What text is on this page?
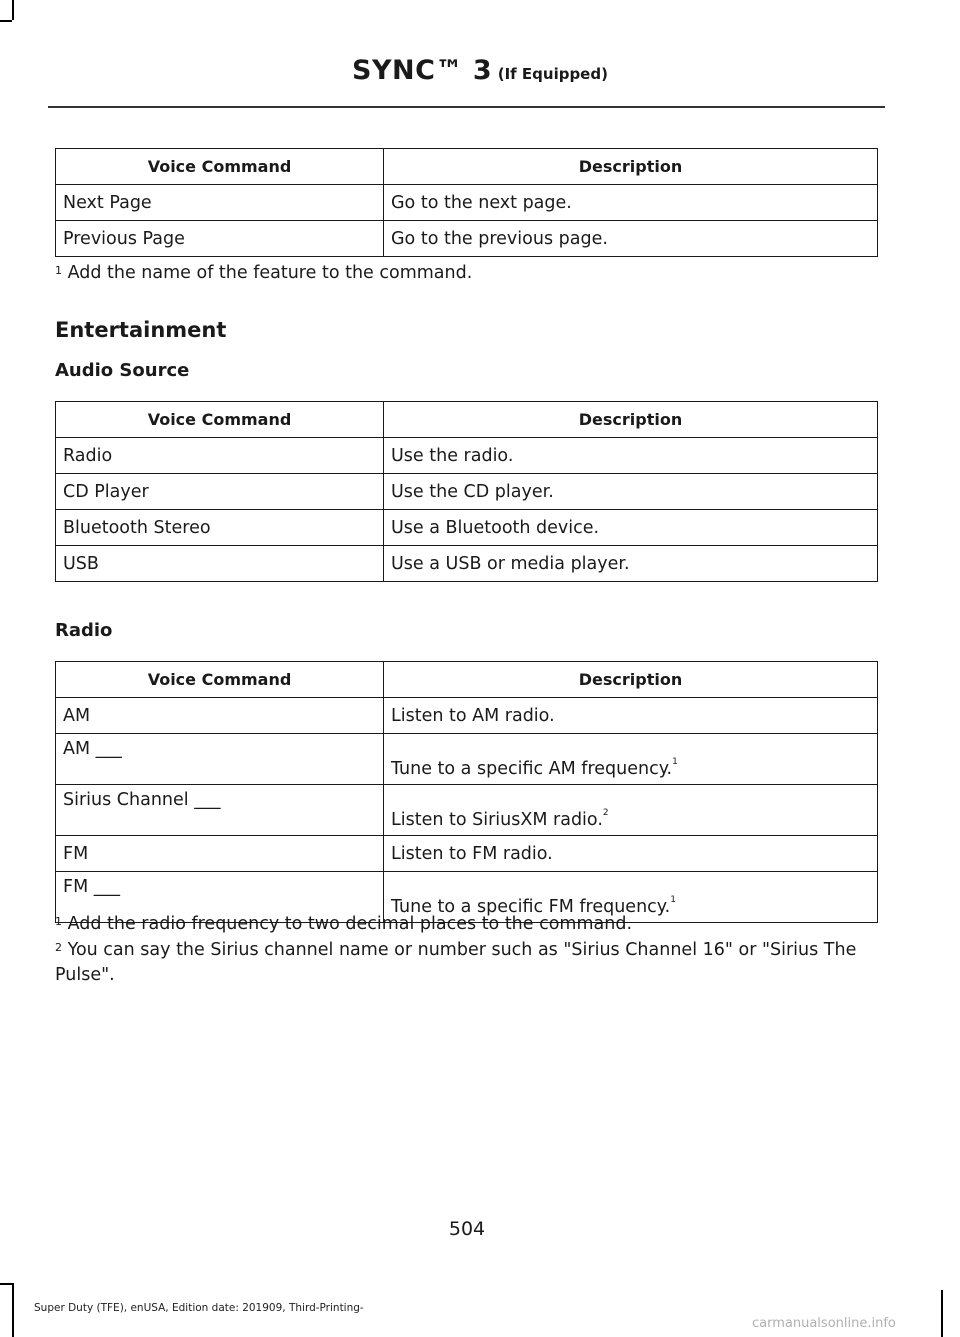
SYNC™ 3 (If Equipped)
Voice Command	Description
Next Page	Go to the next page.
Previous Page	Go to the previous page.
$^1$ Add the name of the feature to the command.
Entertainment
Audio Source
Voice Command	Description
Radio	Use the radio.
CD Player	Use the CD player.
Bluetooth Stereo	Use a Bluetooth device.
USB	Use a USB or media player.
Radio
Voice Command	Description
AM	Listen to AM radio.
AM ___	Tune to a specific AM frequency.$^1$
Sirius Channel ___	Listen to SiriusXM radio.$^2$
FM	Listen to FM radio.
FM ___	Tune to a specific FM frequency.$^1$
$^1$ Add the radio frequency to two decimal places to the command.
$^2$ You can say the Sirius channel name or number such as "Sirius Channel 16" or "Sirius The Pulse".
504
Super Duty (TFE), enUSA, Edition date: 201909, Third-Printing-
carmanualsonline.info
